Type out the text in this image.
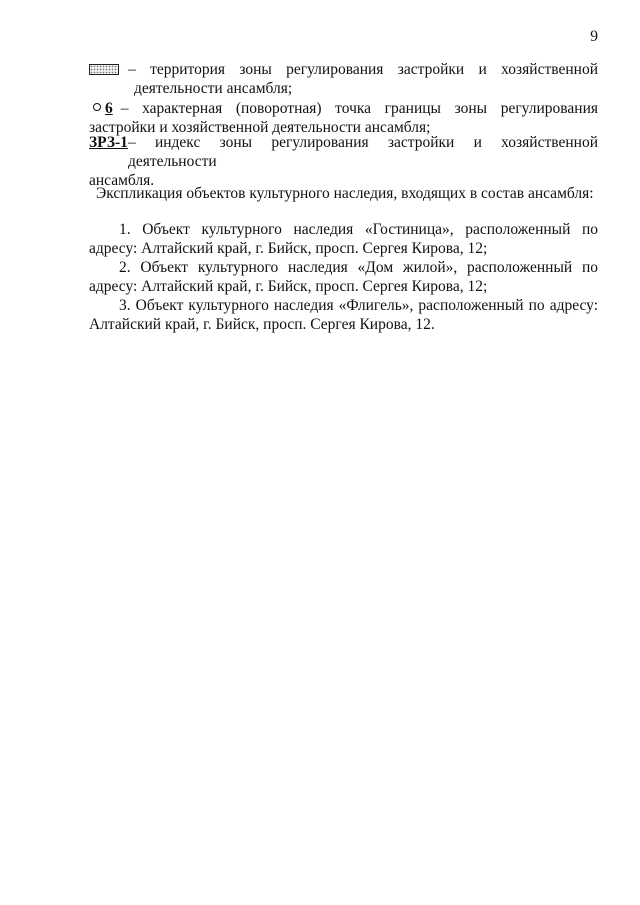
9
– территория зоны регулирования застройки и хозяйственной
деятельности ансамбля;
6 – характерная (поворотная) точка границы зоны регулирования
застройки и хозяйственной деятельности ансамбля;
ЗРЗ-1 – индекс зоны регулирования застройки и хозяйственной деятельности
ансамбля.
Экспликация объектов культурного наследия, входящих в состав ансамбля:

1. Объект культурного наследия «Гостиница», расположенный по адресу: Алтайский край, г. Бийск, просп. Сергея Кирова, 12;

2. Объект культурного наследия «Дом жилой», расположенный по адресу: Алтайский край, г. Бийск, просп. Сергея Кирова, 12;

3. Объект культурного наследия «Флигель», расположенный по адресу: Алтайский край, г. Бийск, просп. Сергея Кирова, 12.
